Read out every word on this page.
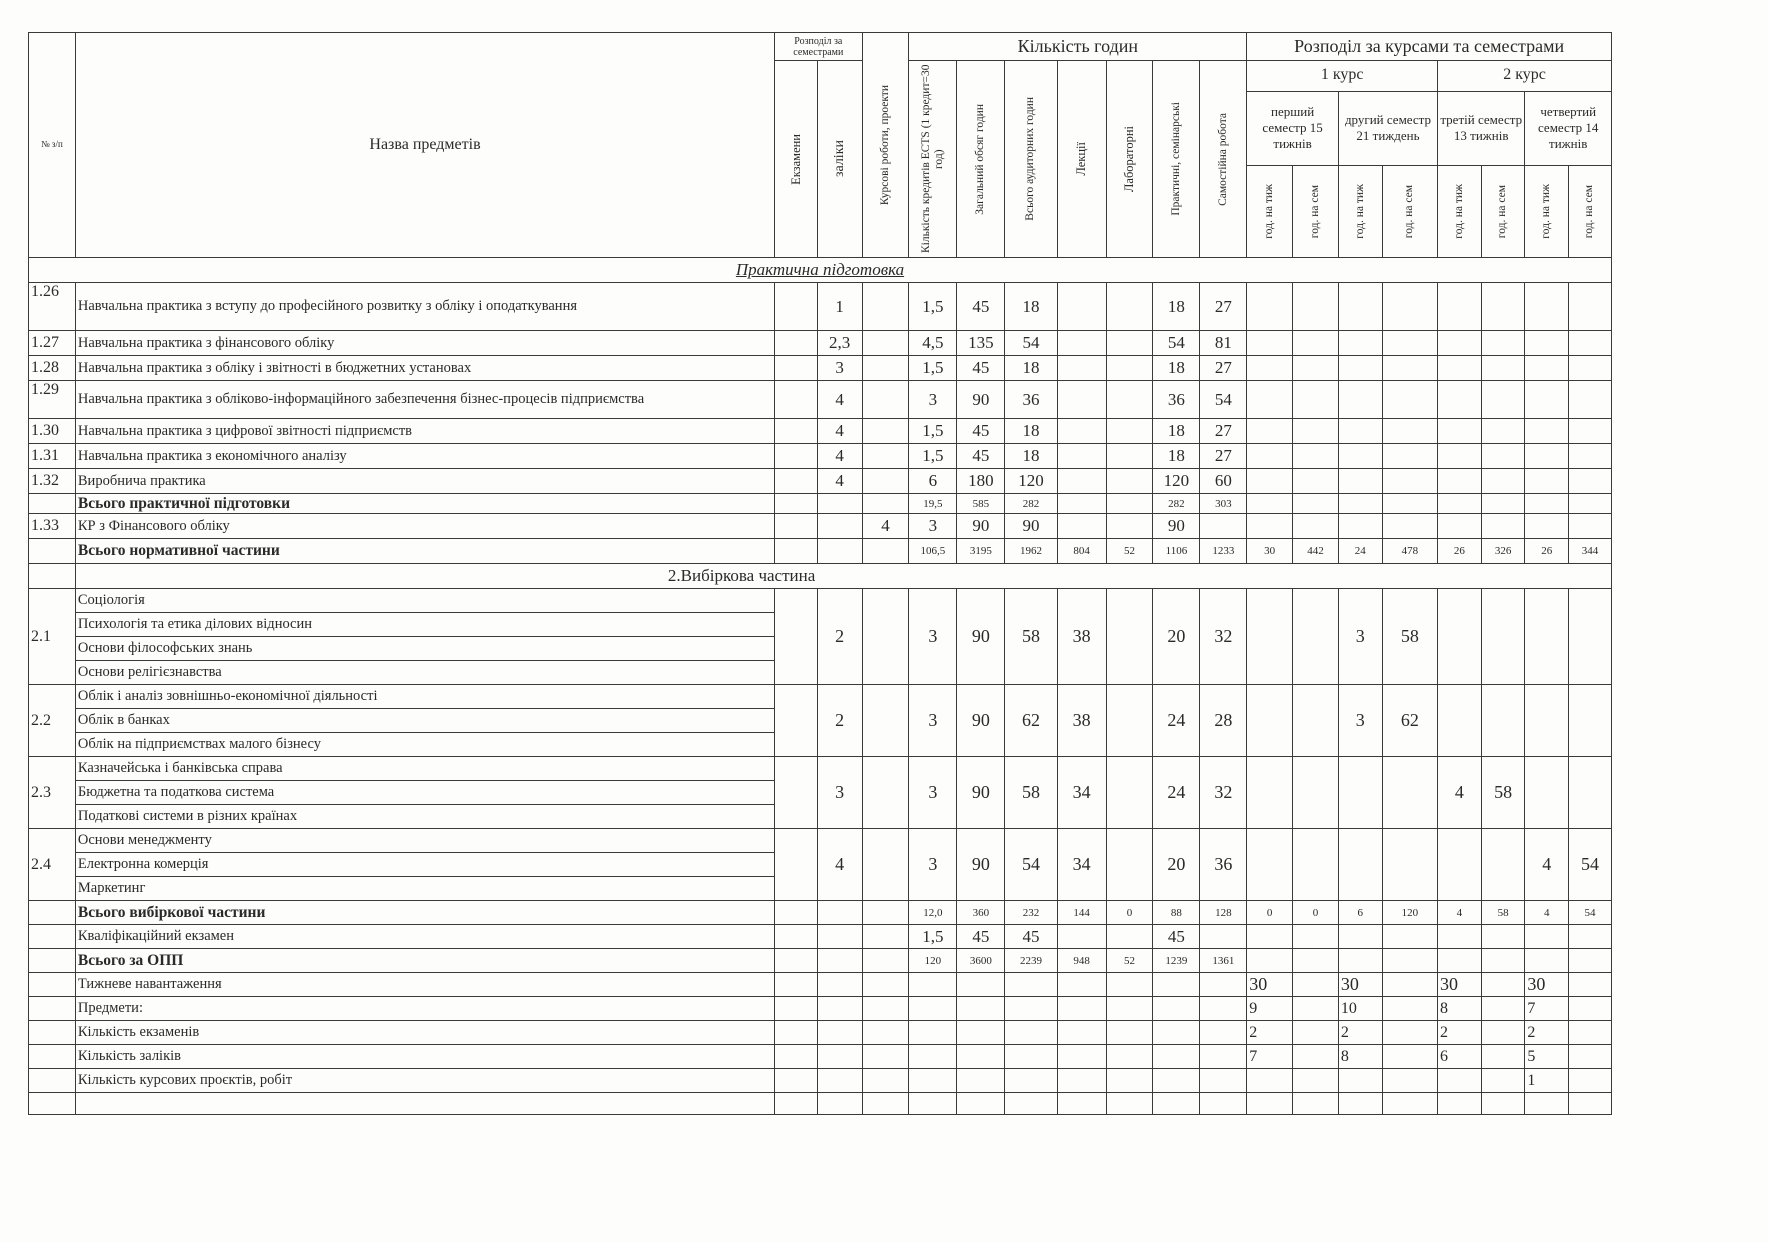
№ з/п	Назва предметів	Розподіл за семестрами		Курсові роботи, проекти	Кількість годин							Розподіл за курсами та семестрами							

		Екзамени	заліки		Кількість кредитів ECTS (1 кредит=30 год)	Загальний обсяг годин	Всього аудиторних годин	Лекції	Лабораторні	Практичні, семінарські	Самостійна робота	1 курс				2 курс			
												перший семестр 15 тижнів		другий семестр 21 тиждень		третій семестр 13 тижнів		четвертий семестр 14 тижнів	

												год. на тиж	год. на сем	год. на тиж	год. на сем	год. на тиж	год. на сем	год. на тиж	год. на сем

Практична підготовка																			
1.26	Навчальна практика з вступу до професійного розвитку з обліку і оподаткування		1		1,5	45	18			18	27								
1.27	Навчальна практика з фінансового обліку		2,3		4,5	135	54			54	81								
1.28	Навчальна практика з обліку і звітності в бюджетних установах		3		1,5	45	18			18	27								
1.29	Навчальна практика з обліково-інформаційного забезпечення бізнес-процесів підприємства		4		3	90	36			36	54								
1.30	Навчальна практика з цифрової звітності підприємств		4		1,5	45	18			18	27								
1.31	Навчальна практика з економічного аналізу		4		1,5	45	18			18	27								
1.32	Виробнича практика		4		6	180	120			120	60								
	Всього практичної підготовки				19,5	585	282			282	303								
1.33	КР з Фінансового обліку			4	3	90	90			90									
	Всього нормативної частини				106,5	3195	1962	804	52	1106	1233	30	442	24	478	26	326	26	344
	2.Вибіркова частина																		
2.1	Соціологія		2		3	90	58	38		20	32			3	58				
	Психологія та етика ділових відносин																		
	Основи філософських знань																		
	Основи релігієзнавства																		
2.2	Облік і аналіз зовнішньо-економічної діяльності		2		3	90	62	38		24	28			3	62				
	Облік в банках																		
	Облік на підприємствах малого бізнесу																		
2.3	Казначейська і банківська справа		3		3	90	58	34		24	32					4	58		
	Бюджетна та податкова система																		
	Податкові системи в різних країнах																		
2.4	Основи менеджменту		4		3	90	54	34		20	36							4	54
	Електронна комерція																		
	Маркетинг																		
	Всього вибіркової частини				12,0	360	232	144	0	88	128	0	0	6	120	4	58	4	54
	Кваліфікаційний екзамен				1,5	45	45			45									
	Всього за ОПП				120	3600	2239	948	52	1239	1361								
	Тижневе навантаження											30		30		30		30	
	Предмети:											9		10		8		7	
	Кількість екзаменів											2		2		2		2	
	Кількість заліків											7		8		6		5	
	Кількість курсових проєктів, робіт																	1	
